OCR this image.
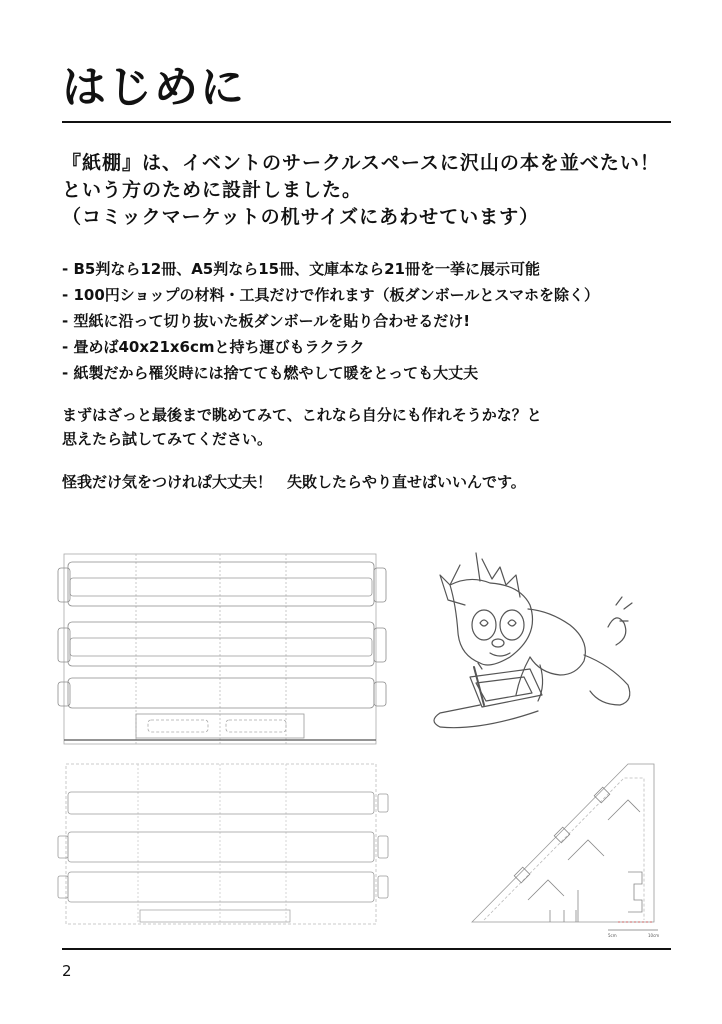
はじめに
『紙棚』は、イベントのサークルスペースに沢山の本を並べたい！
という方のために設計しました。
（コミックマーケットの机サイズにあわせています）
- B5判なら12冊、A5判なら15冊、文庫本なら21冊を一挙に展示可能
- 100円ショップの材料・工具だけで作れます（板ダンボールとスマホを除く）
- 型紙に沿って切り抜いた板ダンボールを貼り合わせるだけ!
- 畳めば40x21x6cmと持ち運びもラクラク
- 紙製だから罹災時には捨てても燃やして暖をとっても大丈夫
まずはざっと最後まで眺めてみて、これなら自分にも作れそうかな？と
思えたら試してみてください。
怪我だけ気をつけれぱ大丈夫！　失敗したらやり直せばいいんです。
5cm	10cm
2
